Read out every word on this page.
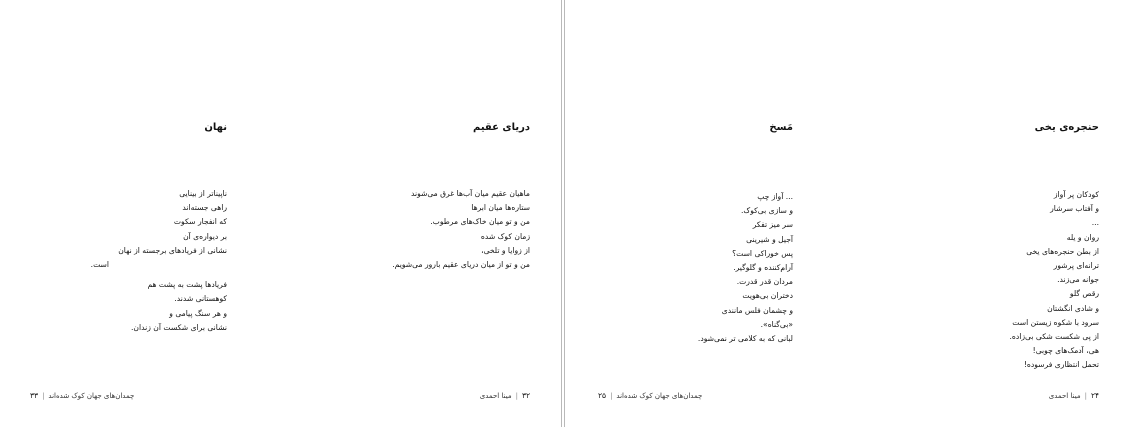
نهان
ناپیناتر از بینایی
راهی جسته‌اند
که انفجار سکوت
بر دیواره‌ی آن
نشانی از فریادهای برجسته از نهان
است.
فریادها پشت به پشت هم
کوهستانی شدند.
و هر سنگ پیامی و
نشانی برای شکست آن زندان.
۳۳ | چمدان‌های جهان کوک شده‌اند
دریای عقیم
ماهیان عقیم میان آب‌ها غرق می‌شوند
ستاره‌ها میان ابرها
من و تو میان خاک‌های مرطوب.
زمان کوک شده
از زوایا و تلخی،
من و تو از میان دریای عقیم بارور می‌شویم.
۳۲|مینا احمدی
مَسخ
... آواز چپ
و سازی بی‌کوک.
سر میز تفکر
آجیل و شیرینی
پس خوراکی است؟
آرام‌کننده و گلوگیر.
مردان قدر قدرت.
دختران بی‌هویت
و چشمان فلس مانندی
«بی‌گناه».
لبانی که به کلامی تر نمی‌شود.
۲۵ | چمدان‌های جهان کوک شده‌اند
حنجره‌ی یخی
کودکان پر آواز
و آفتاب سرشار
...
روان و یله
از بطن حنجره‌های یخی
ترانه‌ای پرشور
جوانه می‌زند.
رقص گلو
و شادی انگشتان
سرود با شکوه زیستن است
از پی شکست شکی بی‌زاده.
هی، آدمک‌های چوبی!
تحمل انتظاری فرسوده!
۲۴|مینا احمدی
